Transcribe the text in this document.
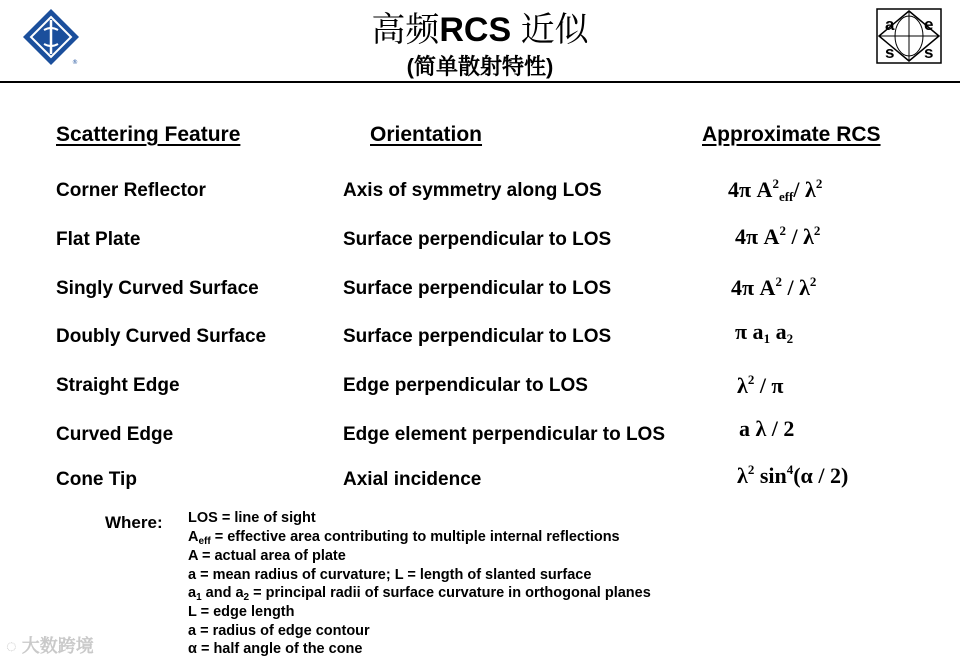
®
高频RCS 近似
(简单散射特性)
a e
s s
Scattering Feature	Orientation	Approximate RCS
Corner Reflector	Axis of symmetry along LOS	4π $A^2_{eff}/$ $\lambda^2$
Flat Plate	Surface perpendicular to LOS	4π $A^2 / \lambda^2$
Singly Curved Surface	Surface perpendicular to LOS	4π $A^2 / \lambda^2$
Doubly Curved Surface	Surface perpendicular to LOS	π $a_1$ $a_2$
Straight Edge	Edge perpendicular to LOS	$\lambda^2$ / π
Curved Edge	Edge element perpendicular to LOS	a λ / 2
Cone Tip	Axial incidence	$\lambda^2$ $\sin^4(\alpha / 2)$
Where: LOS = line of sight
$A_{eff}$ = effective area contributing to multiple internal reflections
A = actual area of plate
a = mean radius of curvature; L = length of slanted surface
$a_1$ and $a_2$ = principal radii of surface curvature in orthogonal planes
L = edge length
a = radius of edge contour
α = half angle of the cone
◌ 大数跨境
